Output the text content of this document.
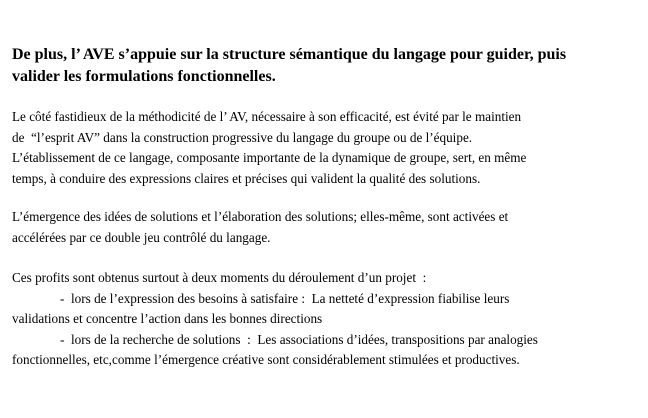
De plus, l’ AVE s’appuie sur la structure sémantique du langage pour guider, puis
valider les formulations fonctionnelles.

Le côté fastidieux de la méthodicité de l’ AV, nécessaire à son efficacité, est évité par le maintien
de  “l’esprit AV” dans la construction progressive du langage du groupe ou de l’équipe.
L’établissement de ce langage, composante importante de la dynamique de groupe, sert, en même
temps, à conduire des expressions claires et précises qui valident la qualité des solutions.

L’émergence des idées de solutions et l’élaboration des solutions; elles-même, sont activées et
accélérées par ce double jeu contrôlé du langage.

Ces profits sont obtenus surtout à deux moments du déroulement d’un projet  :
-  lors de l’expression des besoins à satisfaire :  La netteté d’expression fiabilise leurs
validations et concentre l’action dans les bonnes directions
-  lors de la recherche de solutions  :  Les associations d’idées, transpositions par analogies
fonctionnelles, etc,comme l’émergence créative sont considérablement stimulées et productives.
